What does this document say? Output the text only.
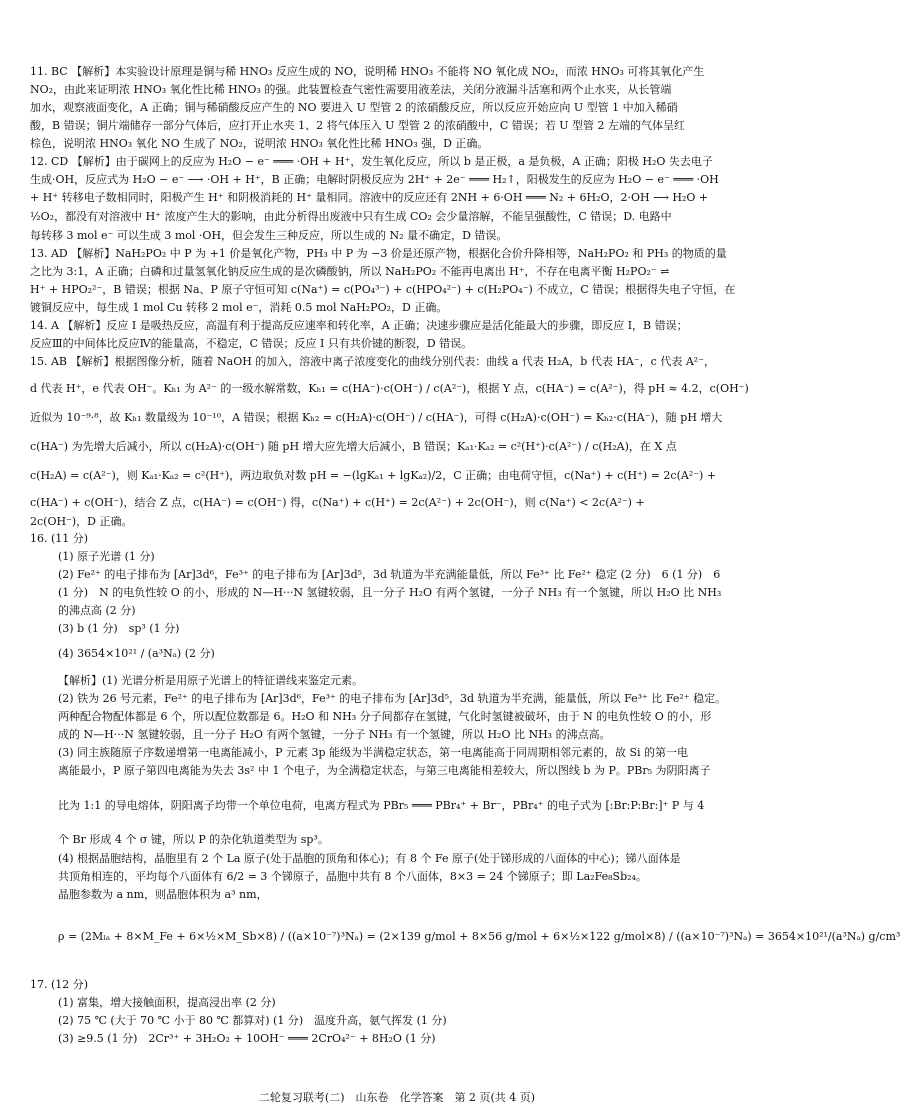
11. BC 【解析】本实验设计原理是铜与稀 HNO₃ 反应生成的 NO，说明稀 HNO₃ 不能将 NO 氧化成 NO₂，而浓 HNO₃ 可将其氧化产生
NO₂，由此来证明浓 HNO₃ 氧化性比稀 HNO₃ 的强。此装置检查气密性需要用液差法，关闭分液漏斗活塞和两个止水夹，从长管端
加水，观察液面变化，A 正确；铜与稀硝酸反应产生的 NO 要进入 U 型管 2 的浓硝酸反应，所以反应开始应向 U 型管 1 中加入稀硝
酸，B 错误；铜片端储存一部分气体后，应打开止水夹 1、2 将气体压入 U 型管 2 的浓硝酸中，C 错误；若 U 型管 2 左端的气体呈红
棕色，说明浓 HNO₃ 氧化 NO 生成了 NO₂，说明浓 HNO₃ 氧化性比稀 HNO₃ 强，D 正确。
12. CD 【解析】由于碳网上的反应为 H₂O − e⁻ ═══ ·OH + H⁺，发生氧化反应，所以 b 是正极，a 是负极，A 正确；阳极 H₂O 失去电子
生成·OH，反应式为 H₂O − e⁻ ⟶ ·OH + H⁺，B 正确；电解时阴极反应为 2H⁺ + 2e⁻ ═══ H₂↑，阳极发生的反应为 H₂O − e⁻ ═══ ·OH
+ H⁺ 转移电子数相同时，阳极产生 H⁺ 和阴极消耗的 H⁺ 量相同。溶液中的反应还有 2NH + 6·OH ═══ N₂ + 6H₂O，2·OH ⟶ H₂O +
½O₂，都没有对溶液中 H⁺ 浓度产生大的影响，由此分析得出废液中只有生成 CO₂ 会少量溶解，不能呈强酸性，C 错误；D. 电路中
每转移 3 mol e⁻ 可以生成 3 mol ·OH，但会发生三种反应，所以生成的 N₂ 量不确定，D 错误。
13. AD 【解析】NaH₂PO₂ 中 P 为 +1 价是氧化产物，PH₃ 中 P 为 −3 价是还原产物，根据化合价升降相等，NaH₂PO₂ 和 PH₃ 的物质的量
之比为 3:1，A 正确；白磷和过量氢氧化钠反应生成的是次磷酸钠，所以 NaH₂PO₂ 不能再电离出 H⁺，不存在电离平衡 H₂PO₂⁻ ⇌
H⁺ + HPO₂²⁻，B 错误；根据 Na、P 原子守恒可知 c(Na⁺) = c(PO₄³⁻) + c(HPO₄²⁻) + c(H₂PO₄⁻) 不成立，C 错误；根据得失电子守恒，在
镀铜反应中，每生成 1 mol Cu 转移 2 mol e⁻，消耗 0.5 mol NaH₂PO₂，D 正确。
14. A 【解析】反应 I 是吸热反应，高温有利于提高反应速率和转化率，A 正确；决速步骤应是活化能最大的步骤，即反应 I，B 错误；
反应Ⅲ的中间体比反应Ⅳ的能量高，不稳定，C 错误；反应 I 只有共价键的断裂，D 错误。
15. AB 【解析】根据图像分析，随着 NaOH 的加入，溶液中离子浓度变化的曲线分别代表：曲线 a 代表 H₂A，b 代表 HA⁻，c 代表 A²⁻，
d 代表 H⁺，e 代表 OH⁻。Kₕ₁ 为 A²⁻ 的一级水解常数，Kₕ₁ = c(HA⁻)·c(OH⁻) / c(A²⁻)，根据 Y 点，c(HA⁻) = c(A²⁻)，得 pH ≈ 4.2，c(OH⁻)
近似为 10⁻⁹·⁸，故 Kₕ₁ 数量级为 10⁻¹⁰，A 错误；根据 Kₕ₂ = c(H₂A)·c(OH⁻) / c(HA⁻)，可得 c(H₂A)·c(OH⁻) = Kₕ₂·c(HA⁻)，随 pH 增大
c(HA⁻) 为先增大后减小，所以 c(H₂A)·c(OH⁻) 随 pH 增大应先增大后减小，B 错误；Kₐ₁·Kₐ₂ = c²(H⁺)·c(A²⁻) / c(H₂A)，在 X 点
c(H₂A) = c(A²⁻)，则 Kₐ₁·Kₐ₂ = c²(H⁺)，两边取负对数 pH = −(lgKₐ₁ + lgKₐ₂)/2，C 正确；由电荷守恒，c(Na⁺) + c(H⁺) = 2c(A²⁻) +
c(HA⁻) + c(OH⁻)，结合 Z 点，c(HA⁻) = c(OH⁻) 得，c(Na⁺) + c(H⁺) = 2c(A²⁻) + 2c(OH⁻)，则 c(Na⁺) < 2c(A²⁻) +
2c(OH⁻)，D 正确。
16. (11 分)
(1) 原子光谱 (1 分)
(2) Fe²⁺ 的电子排布为 [Ar]3d⁶，Fe³⁺ 的电子排布为 [Ar]3d⁵，3d 轨道为半充满能量低，所以 Fe³⁺ 比 Fe²⁺ 稳定 (2 分)　6 (1 分)　6
(1 分)　N 的电负性较 O 的小，形成的 N—H···N 氢键较弱，且一分子 H₂O 有两个氢键，一分子 NH₃ 有一个氢键，所以 H₂O 比 NH₃
的沸点高 (2 分)
(3) b (1 分)　sp³ (1 分)
(4) 3654×10²¹ / (a³Nₐ) (2 分)
【解析】(1) 光谱分析是用原子光谱上的特征谱线来鉴定元素。
(2) 铁为 26 号元素，Fe²⁺ 的电子排布为 [Ar]3d⁶，Fe³⁺ 的电子排布为 [Ar]3d⁵，3d 轨道为半充满，能量低，所以 Fe³⁺ 比 Fe²⁺ 稳定。
两种配合物配体都是 6 个，所以配位数都是 6。H₂O 和 NH₃ 分子间都存在氢键，气化时氢键被破坏，由于 N 的电负性较 O 的小，形
成的 N—H···N 氢键较弱，且一分子 H₂O 有两个氢键，一分子 NH₃ 有一个氢键，所以 H₂O 比 NH₃ 的沸点高。
(3) 同主族随原子序数递增第一电离能减小，P 元素 3p 能级为半满稳定状态，第一电离能高于同周期相邻元素的，故 Si 的第一电
离能最小，P 原子第四电离能为失去 3s² 中 1 个电子，为全满稳定状态，与第三电离能相差较大，所以图线 b 为 P。PBr₅ 为阴阳离子
比为 1:1 的导电熔体，阴阳离子均带一个单位电荷，电离方程式为 PBr₅ ═══ PBr₄⁺ + Br⁻，PBr₄⁺ 的电子式为 [:Br:P:Br:]⁺ P 与 4
个 Br 形成 4 个 σ 键，所以 P 的杂化轨道类型为 sp³。
(4) 根据晶胞结构，晶胞里有 2 个 La 原子(处于晶胞的顶角和体心)；有 8 个 Fe 原子(处于锑形成的八面体的中心)；锑八面体是
共顶角相连的，平均每个八面体有 6/2 = 3 个锑原子，晶胞中共有 8 个八面体，8×3 = 24 个锑原子；即 La₂Fe₈Sb₂₄。
晶胞参数为 a nm，则晶胞体积为 a³ nm，
ρ = (2Mₗₐ + 8×M_Fe + 6×½×M_Sb×8) / ((a×10⁻⁷)³Nₐ) = (2×139 g/mol + 8×56 g/mol + 6×½×122 g/mol×8) / ((a×10⁻⁷)³Nₐ) = 3654×10²¹/(a³Nₐ) g/cm³
17. (12 分)
(1) 富集，增大接触面积，提高浸出率 (2 分)
(2) 75 ℃ (大于 70 ℃ 小于 80 ℃ 都算对) (1 分)　温度升高，氨气挥发 (1 分)
(3) ≥9.5 (1 分)　2Cr³⁺ + 3H₂O₂ + 10OH⁻ ═══ 2CrO₄²⁻ + 8H₂O (1 分)
二轮复习联考(二)　山东卷　化学答案　第 2 页(共 4 页)
